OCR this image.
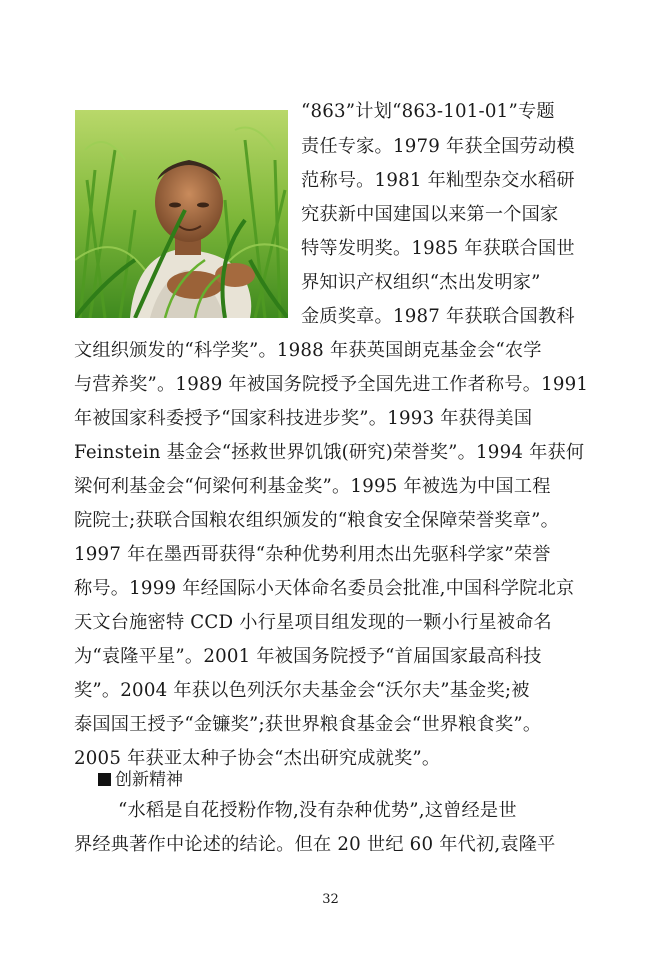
“863”计划“863-101-01”专题
责任专家。1979 年获全国劳动模
范称号。1981 年籼型杂交水稻研
究获新中国建国以来第一个国家
特等发明奖。1985 年获联合国世
界知识产权组织“杰出发明家”
金质奖章。1987 年获联合国教科
文组织颁发的“科学奖”。1988 年获英国朗克基金会“农学
与营养奖”。1989 年被国务院授予全国先进工作者称号。1991
年被国家科委授予“国家科技进步奖”。1993 年获得美国
Feinstein 基金会“拯救世界饥饿(研究)荣誉奖”。1994 年获何
梁何利基金会“何梁何利基金奖”。1995 年被选为中国工程
院院士;获联合国粮农组织颁发的“粮食安全保障荣誉奖章”。
1997 年在墨西哥获得“杂种优势利用杰出先驱科学家”荣誉
称号。1999 年经国际小天体命名委员会批准,中国科学院北京
天文台施密特 CCD 小行星项目组发现的一颗小行星被命名
为“袁隆平星”。2001 年被国务院授予“首届国家最高科技
奖”。2004 年获以色列沃尔夫基金会“沃尔夫”基金奖;被
泰国国王授予“金镰奖”;获世界粮食基金会“世界粮食奖”。
2005 年获亚太种子协会“杰出研究成就奖”。
创新精神
“水稻是自花授粉作物,没有杂种优势”,这曾经是世
界经典著作中论述的结论。但在 20 世纪 60 年代初,袁隆平
32
